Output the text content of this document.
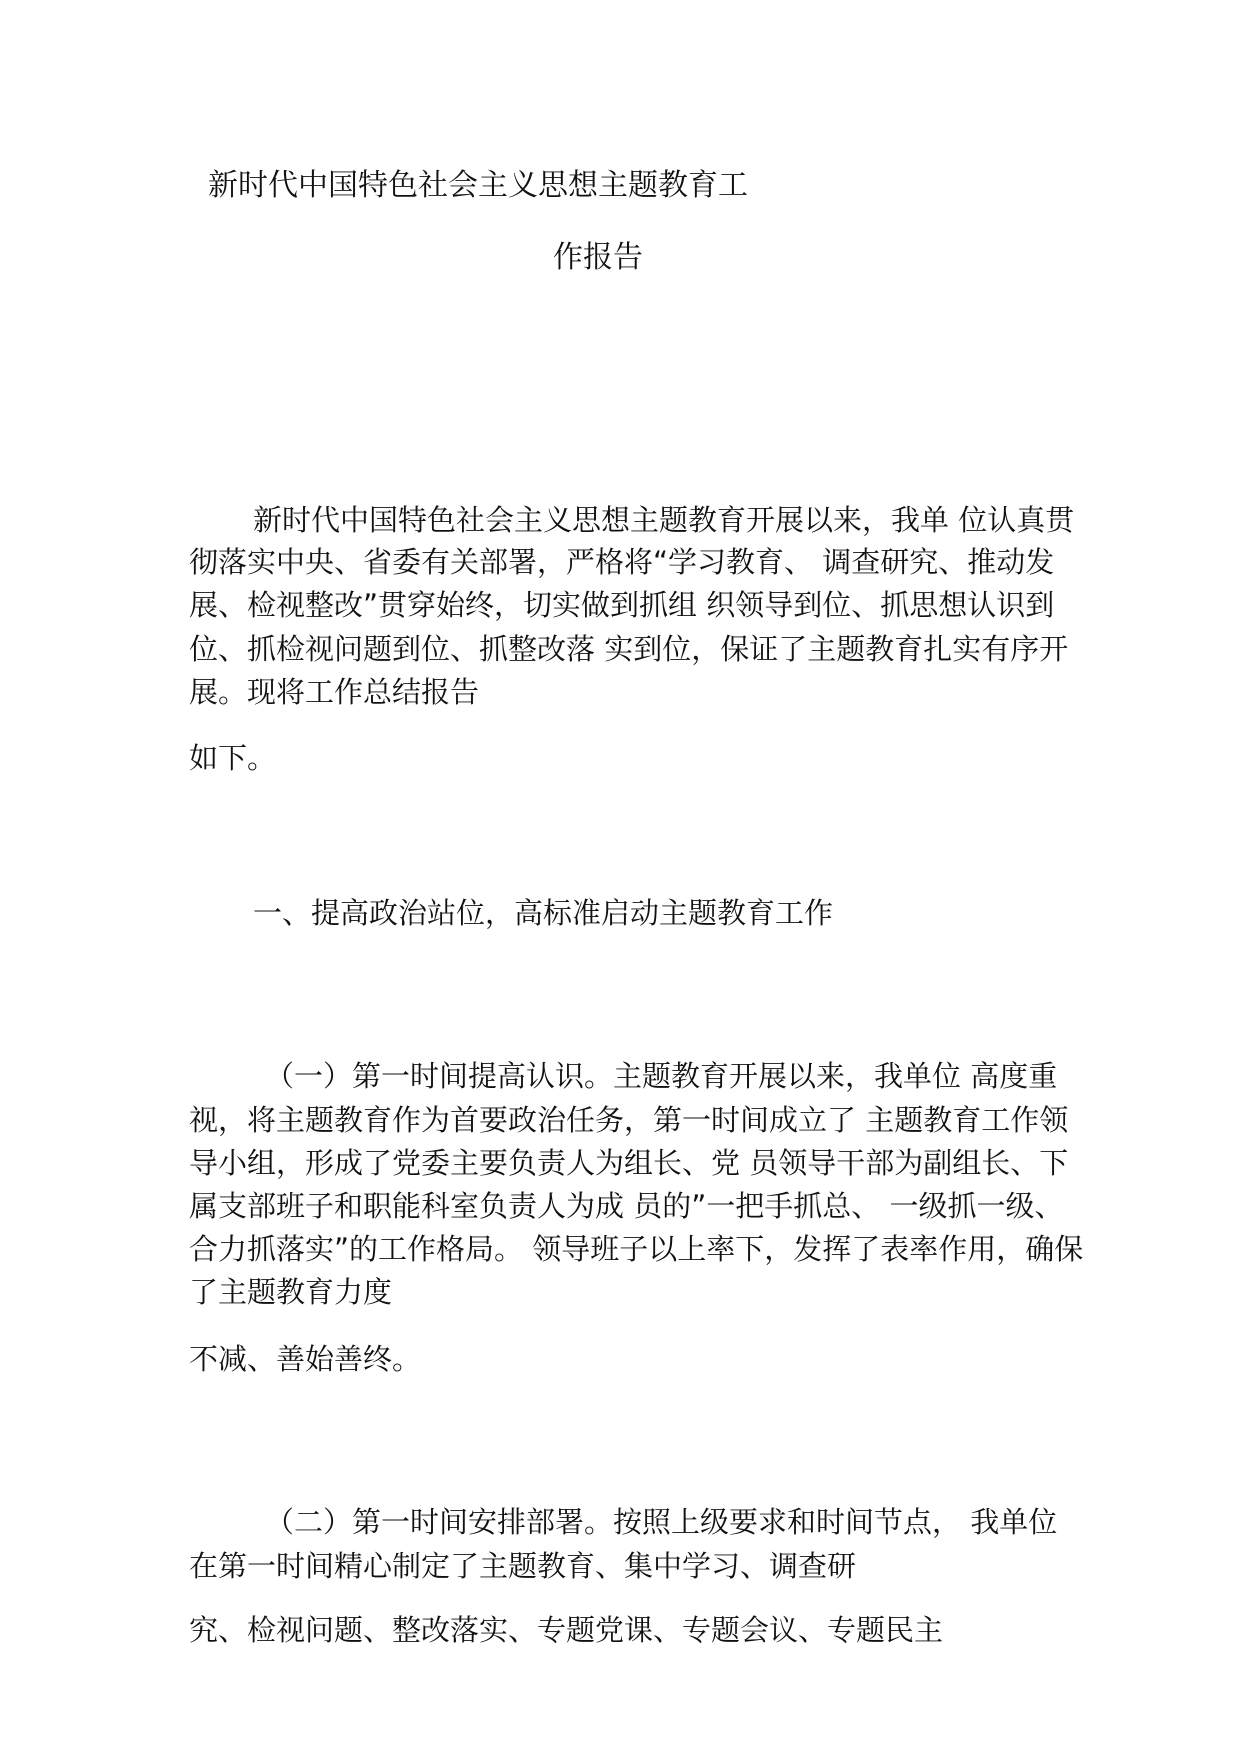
新时代中国特色社会主义思想主题教育工

作报告

新时代中国特色社会主义思想主题教育开展以来，我单 位认真贯

彻落实中央、省委有关部署，严格将“学习教育、 调查研究、推动发

展、检视整改”贯穿始终，切实做到抓组 织领导到位、抓思想认识到

位、抓检视问题到位、抓整改落 实到位，保证了主题教育扎实有序开

展。现将工作总结报告

如下。

一、提高政治站位，高标准启动主题教育工作

（一）第一时间提高认识。主题教育开展以来，我单位 高度重

视，将主题教育作为首要政治任务，第一时间成立了 主题教育工作领

导小组，形成了党委主要负责人为组长、党 员领导干部为副组长、下

属支部班子和职能科室负责人为成 员的”一把手抓总、 一级抓一级、

合力抓落实”的工作格局。 领导班子以上率下，发挥了表率作用，确保

了主题教育力度

不减、善始善终。

（二）第一时间安排部署。按照上级要求和时间节点， 我单位

在第一时间精心制定了主题教育、集中学习、调查研

究、检视问题、整改落实、专题党课、专题会议、专题民主
